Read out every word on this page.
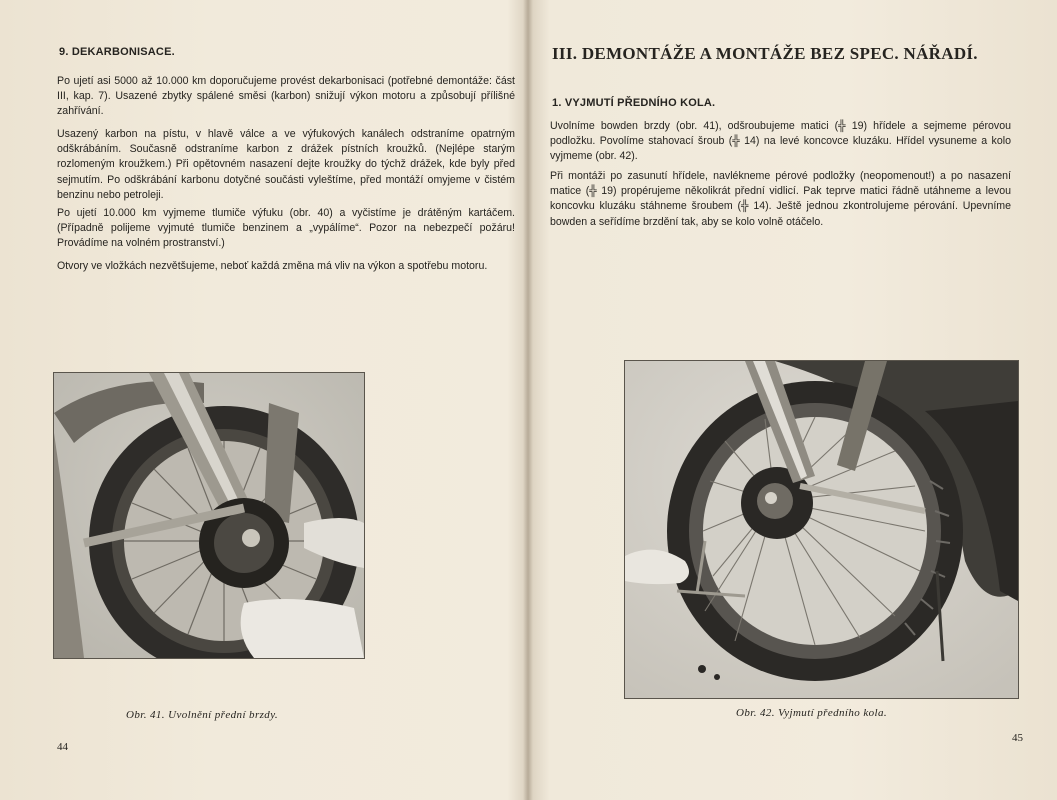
9. DEKARBONISACE.

Po ujetí asi 5000 až 10.000 km doporučujeme provést dekarbonisaci (potřebné demontáže: část III, kap. 7). Usazené zbytky spálené směsi (karbon) snižují výkon motoru a způsobují přílišné zahřívání.

Usazený karbon na pístu, v hlavě válce a ve výfukových kanálech odstraníme opatrným odškrábáním. Současně odstraníme karbon z drážek pístních kroužků. (Nejlépe starým rozlomeným kroužkem.) Při opětovném nasazení dejte kroužky do týchž drážek, kde byly před sejmutím. Po odškrábání karbonu dotyčné součásti vyleštíme, před montáží omyjeme v čistém benzinu nebo petroleji.

Po ujetí 10.000 km vyjmeme tlumiče výfuku (obr. 40) a vyčistíme je drátěným kartáčem. (Případně polijeme vyjmuté tlumiče benzinem a „vypálíme“. Pozor na nebezpečí požáru! Provádíme na volném prostranství.)

Otvory ve vložkách nezvětšujeme, neboť každá změna má vliv na výkon a spotřebu motoru.

Obr. 41. Uvolnění přední brzdy.
44
III. DEMONTÁŽE A MONTÁŽE BEZ SPEC. NÁŘADÍ.
1. VYJMUTÍ PŘEDNÍHO KOLA.

Uvolníme bowden brzdy (obr. 41), odšroubujeme matici (╬ 19) hřídele a sejmeme pérovou podložku. Povolíme stahovací šroub (╬ 14) na levé koncovce kluzáku. Hřídel vysuneme a kolo vyjmeme (obr. 42).

Při montáži po zasunutí hřídele, navlékneme pérové podložky (neopomenout!) a po nasazení matice (╬ 19) propérujeme několikrát přední vidlicí. Pak teprve matici řádně utáhneme a levou koncovku kluzáku stáhneme šroubem (╬ 14). Ještě jednou zkontrolujeme pérování. Upevníme bowden a seřídíme brzdění tak, aby se kolo volně otáčelo.

Obr. 42. Vyjmutí předního kola.
45
